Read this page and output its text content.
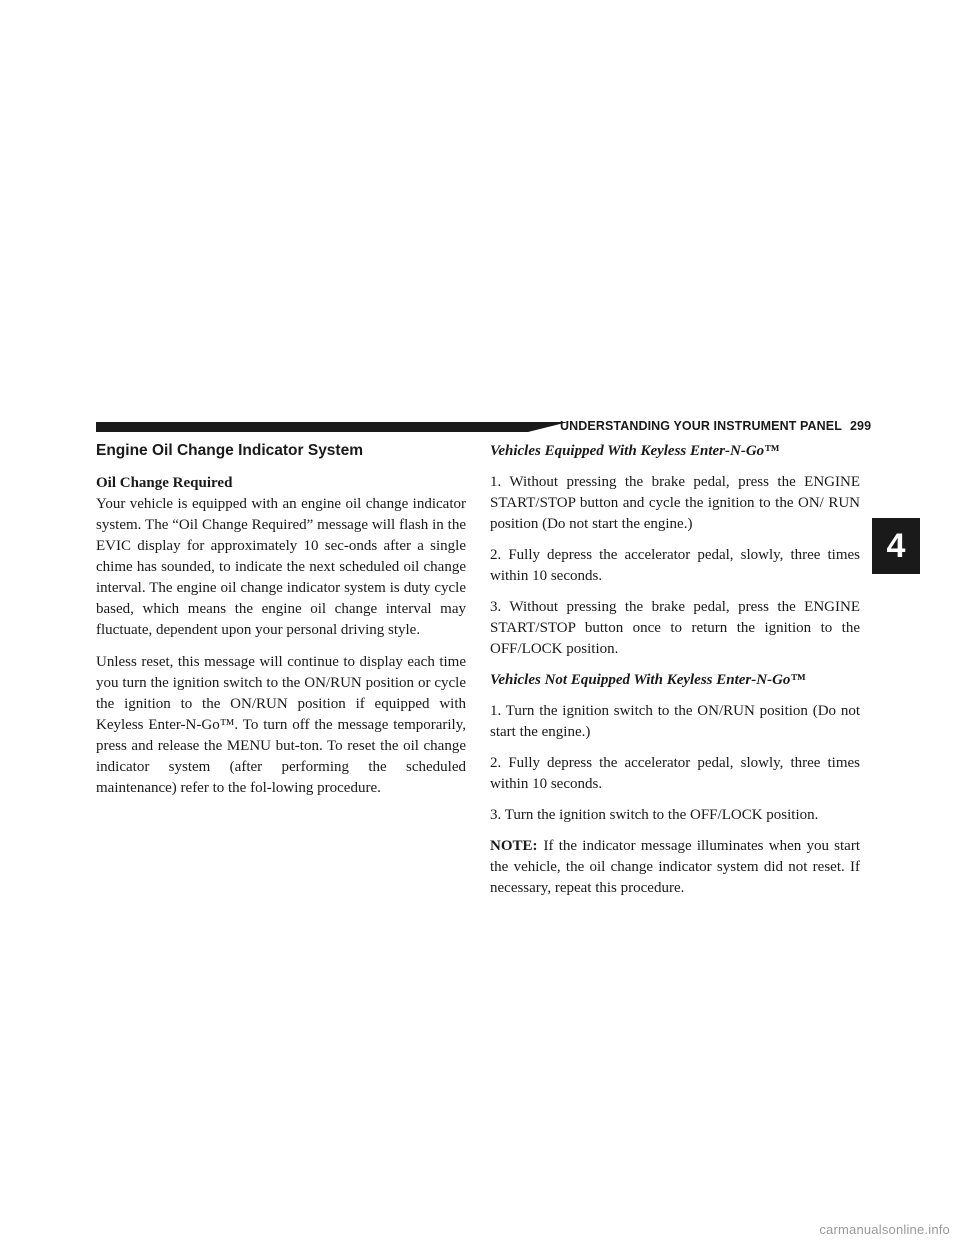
UNDERSTANDING YOUR INSTRUMENT PANEL 299
Engine Oil Change Indicator System
Oil Change Required

Your vehicle is equipped with an engine oil change indicator system. The “Oil Change Required” message will flash in the EVIC display for approximately 10 sec-onds after a single chime has sounded, to indicate the next scheduled oil change interval. The engine oil change indicator system is duty cycle based, which means the engine oil change interval may fluctuate, dependent upon your personal driving style.

Unless reset, this message will continue to display each time you turn the ignition switch to the ON/RUN position or cycle the ignition to the ON/RUN position if equipped with Keyless Enter-N-Go™. To turn off the message temporarily, press and release the MENU but-ton. To reset the oil change indicator system (after performing the scheduled maintenance) refer to the fol-lowing procedure.

Vehicles Equipped With Keyless Enter-N-Go™

1. Without pressing the brake pedal, press the ENGINE START/STOP button and cycle the ignition to the ON/ RUN position (Do not start the engine.)

2. Fully depress the accelerator pedal, slowly, three times within 10 seconds.

3. Without pressing the brake pedal, press the ENGINE START/STOP button once to return the ignition to the OFF/LOCK position.

Vehicles Not Equipped With Keyless Enter-N-Go™

1. Turn the ignition switch to the ON/RUN position (Do not start the engine.)

2. Fully depress the accelerator pedal, slowly, three times within 10 seconds.

3. Turn the ignition switch to the OFF/LOCK position.

NOTE: If the indicator message illuminates when you start the vehicle, the oil change indicator system did not reset. If necessary, repeat this procedure.

4
carmanualsonline.info
